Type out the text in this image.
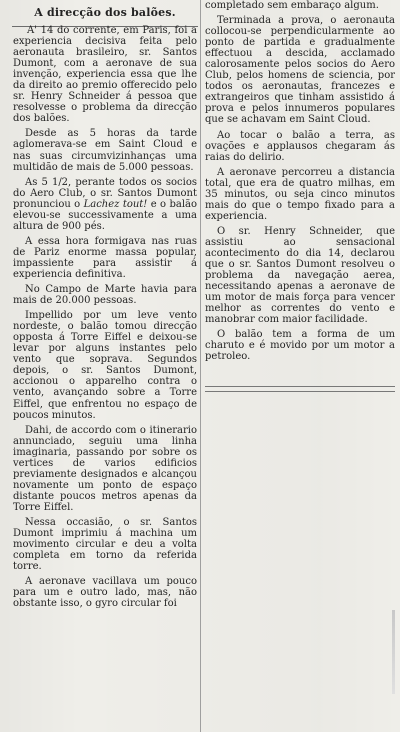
A direcção dos balões.

A' 14 do corrente, em Paris, foi a experiencia decisiva feita pelo aeronauta brasileiro, sr. Santos Dumont, com a aeronave de sua invenção, experiencia essa que lhe da direito ao premio offerecido pelo sr. Henry Schneider á pessoa que resolvesse o problema da direcção dos balões.

Desde as 5 horas da tarde aglomerava-se em Saint Cloud e nas suas circumvizinhanças uma multidão de mais de 5.000 pessoas.

As 5 1/2, perante todos os socios do Aero Club, o sr. Santos Dumont pronunciou o Lachez tout! e o balão elevou-se successivamente a uma altura de 900 pés.

A essa hora formigava nas ruas de Pariz enorme massa popular, impassiente para assistir á experiencia definitiva.

No Campo de Marte havia para mais de 20.000 pessoas.

Impellido por um leve vento nordeste, o balão tomou direcção opposta á Torre Eiffel e deixou-se levar por alguns instantes pelo vento que soprava. Segundos depois, o sr. Santos Dumont, accionou o apparelho contra o vento, avançando sobre a Torre Eiffel, que enfrentou no espaço de poucos minutos.

Dahi, de accordo com o itinerario annunciado, seguiu uma linha imaginaria, passando por sobre os vertices de varios edificios previamente designados e alcançou novamente um ponto de espaço distante poucos metros apenas da Torre Eiffel.

Nessa occasião, o sr. Santos Dumont imprimiu á machina um movimento circular e deu a volta completa em torno da referida torre.

A aeronave vacillava um pouco para um e outro lado, mas, não obstante isso, o gyro circular foi

completado sem embaraço algum.

Terminada a prova, o aeronauta collocou-se perpendicularmente ao ponto de partida e gradualmente effectuou a descida, acclamado calorosamente pelos socios do Aero Club, pelos homens de sciencia, por todos os aeronautas, francezes e extrangeiros que tinham assistido á prova e pelos innumeros populares que se achavam em Saint Cloud.

Ao tocar o balão a terra, as ovações e applausos chegaram ás raias do delirio.

A aeronave percorreu a distancia total, que era de quatro milhas, em 35 minutos, ou seja cinco minutos mais do que o tempo fixado para a experiencia.

O sr. Henry Schneider, que assistiu ao sensacional acontecimento do dia 14, declarou que o sr. Santos Dumont resolveu o problema da navegação aerea, necessitando apenas a aeronave de um motor de mais força para vencer melhor as correntes do vento e manobrar com maior facilidade.

O balão tem a forma de um charuto e é movido por um motor a petroleo.
